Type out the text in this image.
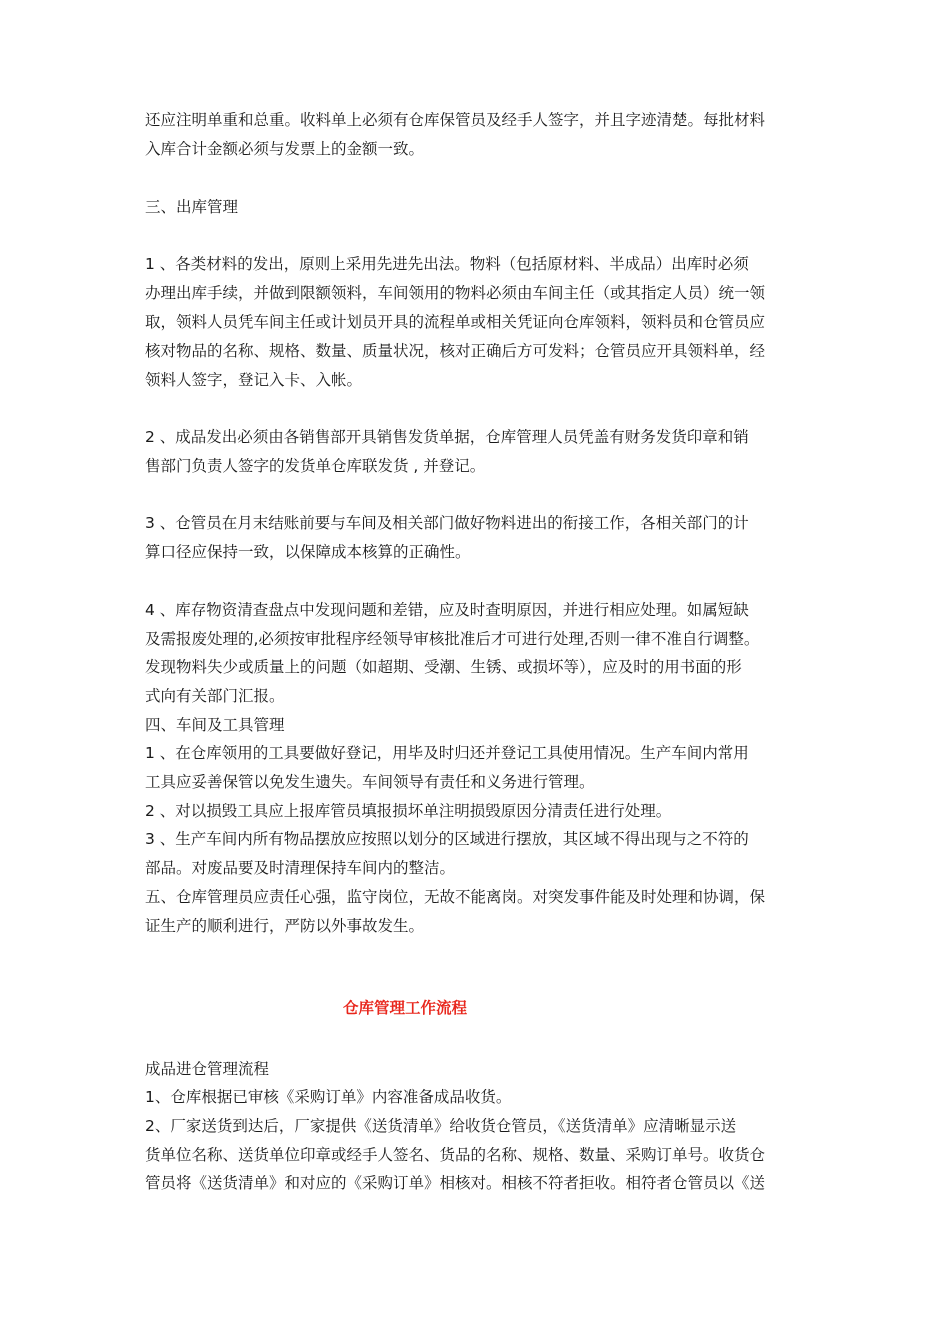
还应注明单重和总重。收料单上必须有仓库保管员及经手人签字，并且字迹清楚。每批材料
入库合计金额必须与发票上的金额一致。
三、出库管理
1 、各类材料的发出，原则上采用先进先出法。物料（包括原材料、半成品）出库时必须
办理出库手续，并做到限额领料，车间领用的物料必须由车间主任（或其指定人员）统一领
取，领料人员凭车间主任或计划员开具的流程单或相关凭证向仓库领料，领料员和仓管员应
核对物品的名称、规格、数量、质量状况，核对正确后方可发料；仓管员应开具领料单，经
领料人签字，登记入卡、入帐。
2 、成品发出必须由各销售部开具销售发货单据，仓库管理人员凭盖有财务发货印章和销
售部门负责人签字的发货单仓库联发货 , 并登记。
3 、仓管员在月末结账前要与车间及相关部门做好物料进出的衔接工作，各相关部门的计
算口径应保持一致，以保障成本核算的正确性。
4 、库存物资清查盘点中发现问题和差错，应及时查明原因，并进行相应处理。如属短缺
及需报废处理的,必须按审批程序经领导审核批准后才可进行处理,否则一律不准自行调整。
发现物料失少或质量上的问题（如超期、受潮、生锈、或损坏等），应及时的用书面的形
式向有关部门汇报。
四、车间及工具管理
1 、在仓库领用的工具要做好登记，用毕及时归还并登记工具使用情况。生产车间内常用
工具应妥善保管以免发生遗失。车间领导有责任和义务进行管理。
2 、对以损毁工具应上报库管员填报损坏单注明损毁原因分清责任进行处理。
3 、生产车间内所有物品摆放应按照以划分的区域进行摆放，其区域不得出现与之不符的
部品。对废品要及时清理保持车间内的整洁。
五、仓库管理员应责任心强，监守岗位，无故不能离岗。对突发事件能及时处理和协调，保
证生产的顺利进行，严防以外事故发生。
仓库管理工作流程
成品进仓管理流程
1、仓库根据已审核《采购订单》内容准备成品收货。
2、厂家送货到达后，厂家提供《送货清单》给收货仓管员，《送货清单》应清晰显示送
货单位名称、送货单位印章或经手人签名、货品的名称、规格、数量、采购订单号。收货仓
管员将《送货清单》和对应的《采购订单》相核对。相核不符者拒收。相符者仓管员以《送
